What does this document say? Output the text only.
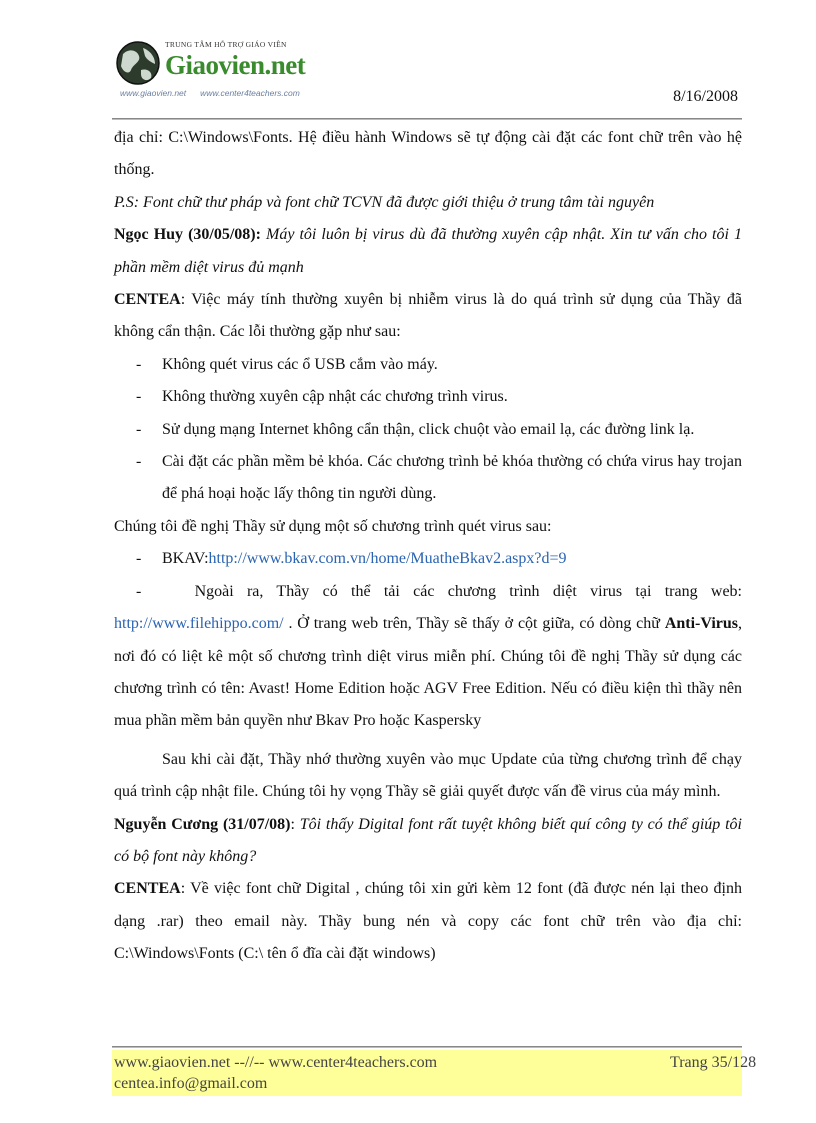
TRUNG TÂM HỖ TRỢ GIÁO VIÊN
Giaovien.net
www.giaovien.net www.center4teachers.com	8/16/2008

địa chỉ: C:\Windows\Fonts. Hệ điều hành Windows sẽ tự động cài đặt các font chữ trên vào hệ thống.

P.S: Font chữ thư pháp và font chữ TCVN đã được giới thiệu ở trung tâm tài nguyên

Ngọc Huy (30/05/08): Máy tôi luôn bị virus dù đã thường xuyên cập nhật. Xin tư vấn cho tôi 1 phần mềm diệt virus đủ mạnh

CENTEA: Việc máy tính thường xuyên bị nhiễm virus là do quá trình sử dụng của Thầy đã không cẩn thận. Các lỗi thường gặp như sau:

- Không quét virus các ổ USB cắm vào máy.

- Không thường xuyên cập nhật các chương trình virus.

- Sử dụng mạng Internet không cẩn thận, click chuột vào email lạ, các đường link lạ.

- Cài đặt các phần mềm bẻ khóa. Các chương trình bẻ khóa thường có chứa virus hay trojan để phá hoại hoặc lấy thông tin người dùng.

Chúng tôi đề nghị Thầy sử dụng một số chương trình quét virus sau:

- BKAV:http://www.bkav.com.vn/home/MuatheBkav2.aspx?d=9

-	Ngoài ra, Thầy có thể tải các chương trình diệt virus tại trang web: http://www.filehippo.com/ . Ở trang web trên, Thầy sẽ thấy ở cột giữa, có dòng chữ Anti-Virus, nơi đó có liệt kê một số chương trình diệt virus miễn phí. Chúng tôi đề nghị Thầy sử dụng các chương trình có tên: Avast! Home Edition hoặc AGV Free Edition. Nếu có điều kiện thì thầy nên mua phần mềm bản quyền như Bkav Pro hoặc Kaspersky

Sau khi cài đặt, Thầy nhớ thường xuyên vào mục Update của từng chương trình để chạy quá trình cập nhật file. Chúng tôi hy vọng Thầy sẽ giải quyết được vấn đề virus của máy mình.

Nguyễn Cương (31/07/08): Tôi thấy Digital font rất tuyệt không biết quí công ty có thể giúp tôi có bộ font này không?

CENTEA: Về việc font chữ Digital , chúng tôi xin gửi kèm 12 font (đã được nén lại theo định dạng .rar) theo email này. Thầy bung nén và copy các font chữ trên vào địa chỉ: C:\Windows\Fonts (C:\ tên ổ đĩa cài đặt windows)

www.giaovien.net --//-- www.center4teachers.com
centea.info@gmail.com
Trang 35/128
